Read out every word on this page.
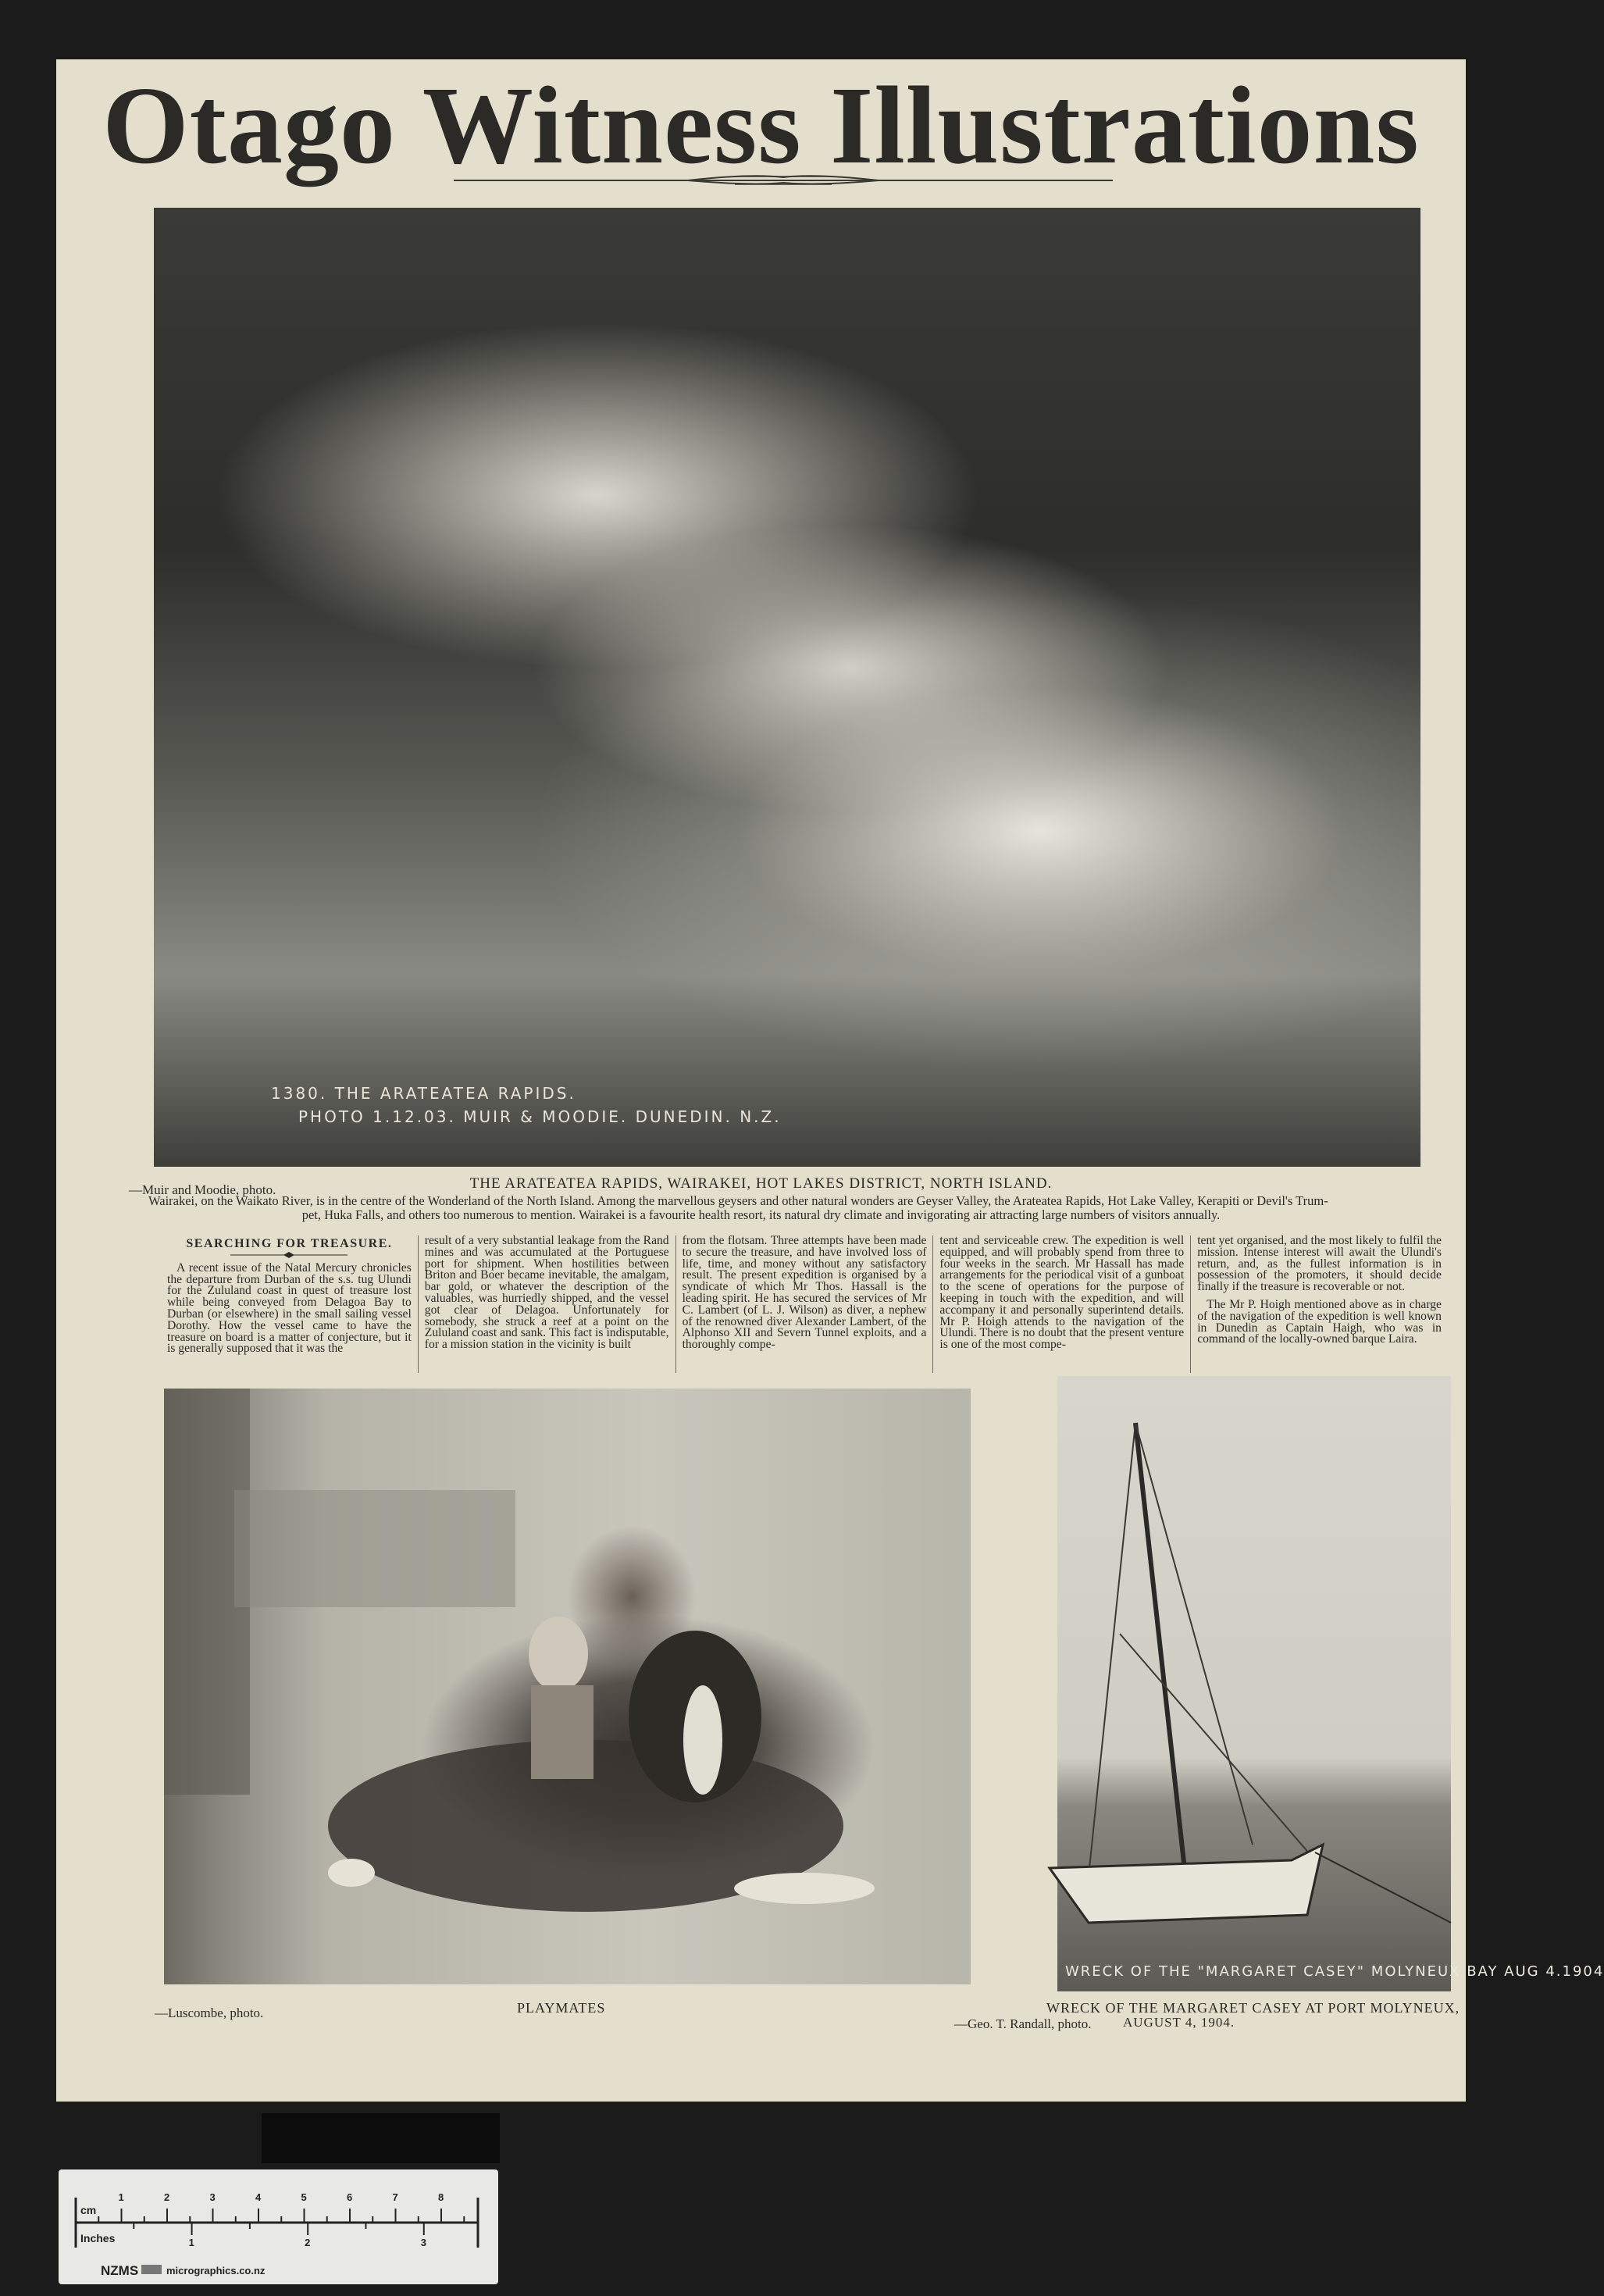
Otago Witness Illustrations
1380. THE ARATEATEA RAPIDS.
PHOTO 1.12.03. MUIR & MOODIE. DUNEDIN. N.Z.
—Muir and Moodie, photo.	THE ARATEATEA RAPIDS, WAIRAKEI, HOT LAKES DISTRICT, NORTH ISLAND.
Wairakei, on the Waikato River, is in the centre of the Wonderland of the North Island. Among the marvellous geysers and other natural wonders are Geyser Valley, the Arateatea Rapids, Hot Lake Valley, Kerapiti or Devil's Trum-
pet, Huka Falls, and others too numerous to mention. Wairakei is a favourite health resort, its natural dry climate and invigorating air attracting large numbers of visitors annually.
SEARCHING FOR TREASURE.

A recent issue of the Natal Mercury chronicles the departure from Durban of the s.s. tug Ulundi for the Zululand coast in quest of treasure lost while being conveyed from Delagoa Bay to Durban (or elsewhere) in the small sailing vessel Dorothy. How the vessel came to have the treasure on board is a matter of conjecture, but it is generally supposed that it was the

result of a very substantial leakage from the Rand mines and was accumulated at the Portuguese port for shipment. When hostilities between Briton and Boer became inevitable, the amalgam, bar gold, or whatever the description of the valuables, was hurriedly shipped, and the vessel got clear of Delagoa. Unfortunately for somebody, she struck a reef at a point on the Zululand coast and sank. This fact is indisputable, for a mission station in the vicinity is built

from the flotsam. Three attempts have been made to secure the treasure, and have involved loss of life, time, and money without any satisfactory result. The present expedition is organised by a syndicate of which Mr Thos. Hassall is the leading spirit. He has secured the services of Mr C. Lambert (of L. J. Wilson) as diver, a nephew of the renowned diver Alexander Lambert, of the Alphonso XII and Severn Tunnel exploits, and a thoroughly compe-

tent and serviceable crew. The expedition is well equipped, and will probably spend from three to four weeks in the search. Mr Hassall has made arrangements for the periodical visit of a gunboat to the scene of operations for the purpose of keeping in touch with the expedition, and will accompany it and personally superintend details. Mr P. Hoigh attends to the navigation of the Ulundi. There is no doubt that the present venture is one of the most compe-

tent yet organised, and the most likely to fulfil the mission. Intense interest will await the Ulundi's return, and, as the fullest information is in possession of the promoters, it should decide finally if the treasure is recoverable or not.

The Mr P. Hoigh mentioned above as in charge of the navigation of the expedition is well known in Dunedin as Captain Haigh, who was in command of the locally-owned barque Laira.

—Luscombe, photo.	PLAYMATES
WRECK OF THE "MARGARET CASEY" MOLYNEUX BAY AUG 4.1904
WRECK OF THE MARGARET CASEY AT PORT MOLYNEUX,
—Geo. T. Randall, photo. AUGUST 4, 1904.
cm
Inches
NZMS	micrographics.co.nz
1	2	3	4	5	6	7	8
1	2	3
